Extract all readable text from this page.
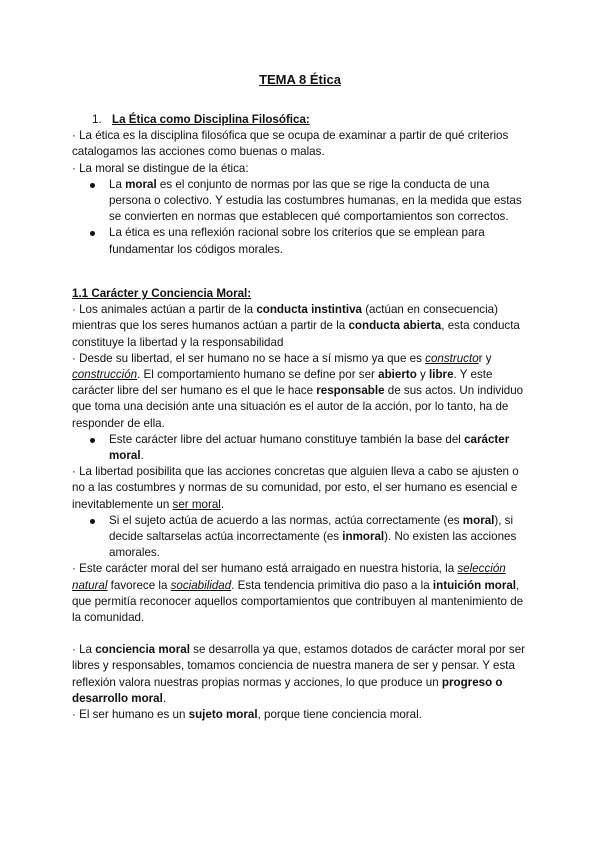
TEMA 8 Ética

1. La Ética como Disciplina Filosófica:

· La ética es la disciplina filosófica que se ocupa de examinar a partir de qué criterios catalogamos las acciones como buenas o malas.

· La moral se distingue de la ética:

La moral es el conjunto de normas por las que se rige la conducta de una persona o colectivo. Y estudia las costumbres humanas, en la medida que estas se convierten en normas que establecen qué comportamientos son correctos.
La ética es una reflexión racional sobre los criterios que se emplean para fundamentar los códigos morales.

1.1 Carácter y Conciencia Moral:

· Los animales actúan a partir de la conducta instintiva (actúan en consecuencia) mientras que los seres humanos actúan a partir de la conducta abierta, esta conducta constituye la libertad y la responsabilidad

· Desde su libertad, el ser humano no se hace a sí mismo ya que es constructor y construcción. El comportamiento humano se define por ser abierto y libre. Y este carácter libre del ser humano es el que le hace responsable de sus actos. Un individuo que toma una decisión ante una situación es el autor de la acción, por lo tanto, ha de responder de ella.

Este carácter libre del actuar humano constituye también la base del carácter moral.

· La libertad posibilita que las acciones concretas que alguien lleva a cabo se ajusten o no a las costumbres y normas de su comunidad, por esto, el ser humano es esencial e inevitablemente un ser moral.

Si el sujeto actúa de acuerdo a las normas, actúa correctamente (es moral), si decide saltarselas actúa incorrectamente (es inmoral). No existen las acciones amorales.

· Este carácter moral del ser humano está arraigado en nuestra historia, la selección natural favorece la sociabilidad. Esta tendencia primitiva dio paso a la intuición moral, que permitía reconocer aquellos comportamientos que contribuyen al mantenimiento de la comunidad.

· La conciencia moral se desarrolla ya que, estamos dotados de carácter moral por ser libres y responsables, tomamos conciencia de nuestra manera de ser y pensar. Y esta reflexión valora nuestras propias normas y acciones, lo que produce un progreso o desarrollo moral.

· El ser humano es un sujeto moral, porque tiene conciencia moral.
